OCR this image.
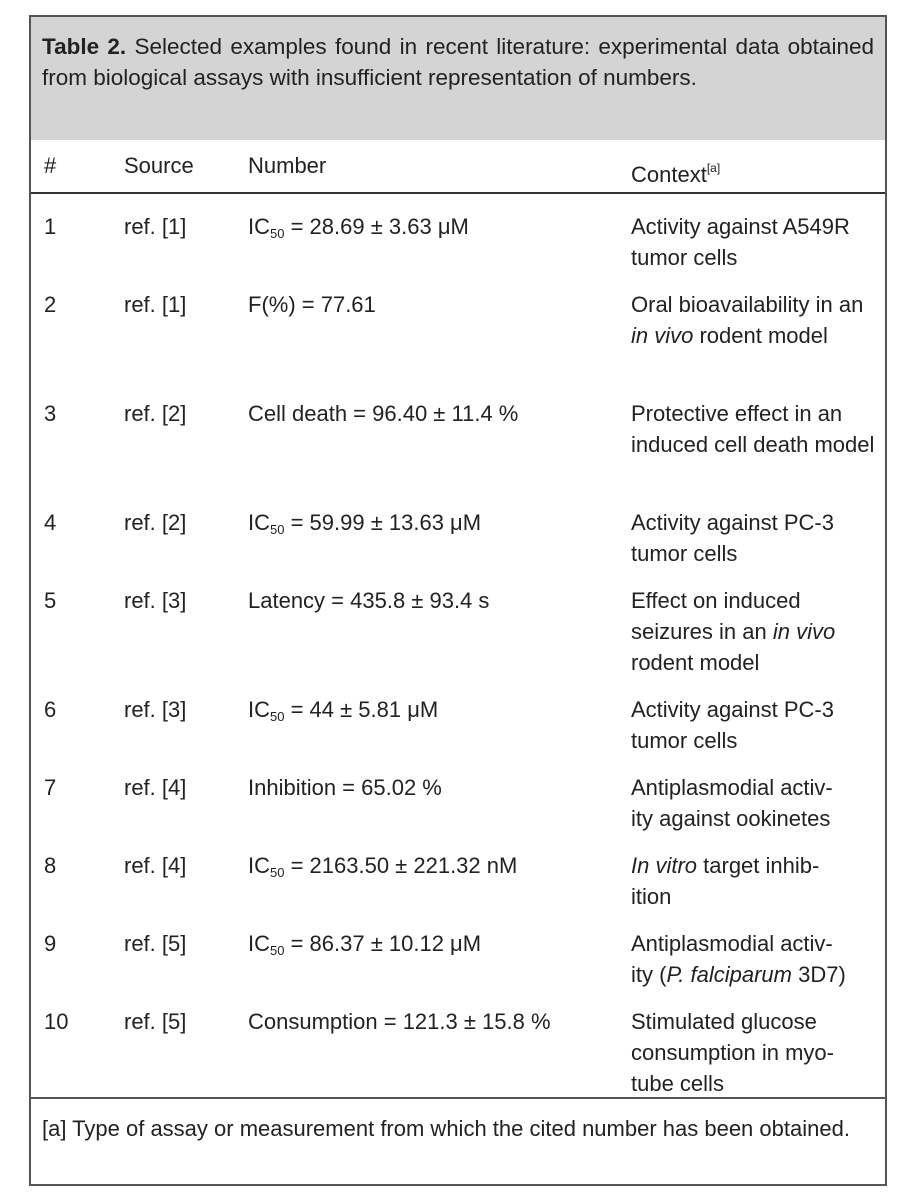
Table 2. Selected examples found in recent literature: experimental data obtained from biological assays with insufficient representation of numbers.
#	Source Number	Context[a]
1	ref. [1]	$IC_{50} = 28.69 \pm 3.63$ μM	Activity against A549R tumor cells
2	ref. [1]	F(%) = 77.61	Oral bioavailability in an in vivo rodent model
3	ref. [2]	Cell death = 96.40 ± 11.4 %	Protective effect in an induced cell death model
4	ref. [2]	$IC_{50} = 59.99 \pm 13.63$ μM	Activity against PC-3 tumor cells
5	ref. [3]	Latency = 435.8 ± 93.4 s	Effect on induced seizures in an in vivo rodent model
6	ref. [3]	$IC_{50} = 44 \pm 5.81$ μM	Activity against PC-3 tumor cells
7	ref. [4]	Inhibition = 65.02 %	Antiplasmodial activ-
ity against ookinetes
8	ref. [4]	$IC_{50} = 2163.50 \pm 221.32$ nM	In vitro target inhib-
ition
9	ref. [5]	$IC_{50} = 86.37 \pm 10.12$ μM	Antiplasmodial activ-
ity (P. falciparum 3D7)
10	ref. [5]	Consumption = 121.3 ± 15.8 %	Stimulated glucose consumption in myo-
tube cells
[a] Type of assay or measurement from which the cited number has been obtained.
